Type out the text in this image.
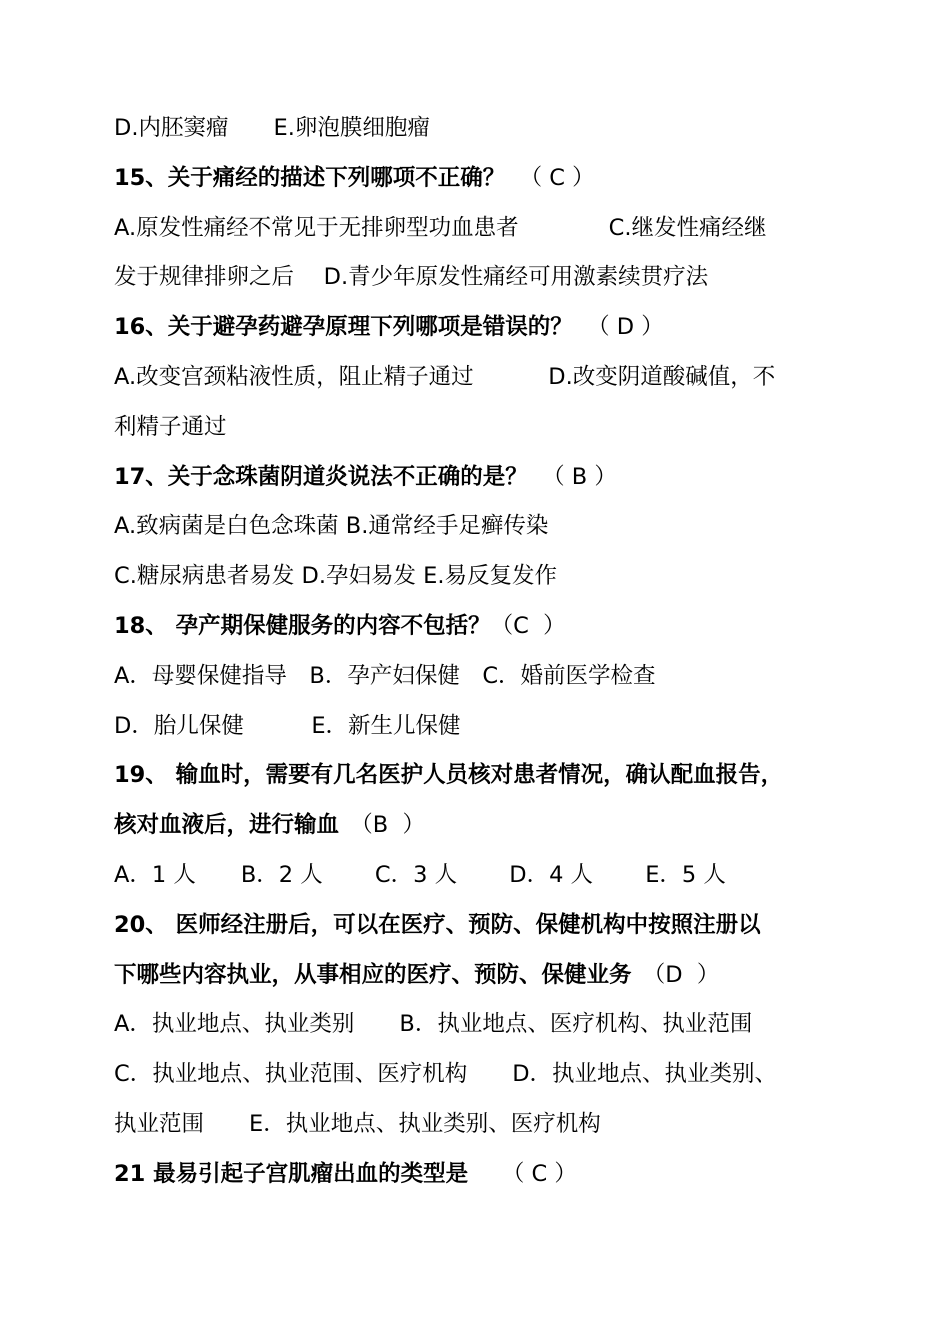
D.内胚窦瘤　　E.卵泡膜细胞瘤
15、关于痛经的描述下列哪项不正确？  （ C ）
A.原发性痛经不常见于无排卵型功血患者　　　　C.继发性痛经继
发于规律排卵之后　 D.青少年原发性痛经可用激素续贯疗法
16、关于避孕药避孕原理下列哪项是错误的？  （ D ）
A.改变宫颈粘液性质，阻止精子通过　　　 D.改变阴道酸碱值，不
利精子通过
17、关于念珠菌阴道炎说法不正确的是？  （ B ）
A.致病菌是白色念珠菌 B.通常经手足癣传染
C.糖尿病患者易发 D.孕妇易发 E.易反复发作
18、 孕产期保健服务的内容不包括？（C  ）
A．母婴保健指导　B．孕产妇保健　C．婚前医学检查
D．胎儿保健　　　E．新生儿保健
19、 输血时，需要有几名医护人员核对患者情况，确认配血报告，
核对血液后，进行输血　（B  ）
A．1 人　　B．2 人　　 C．3 人　　 D．4 人　　 E．5 人
20、 医师经注册后，可以在医疗、预防、保健机构中按照注册以
下哪些内容执业，从事相应的医疗、预防、保健业务　（D  ）
A．执业地点、执业类别　　B．执业地点、医疗机构、执业范围
C．执业地点、执业范围、医疗机构　　D．执业地点、执业类别、
执业范围　　E．执业地点、执业类别、医疗机构
21 最易引起子宫肌瘤出血的类型是　　（ C ）
